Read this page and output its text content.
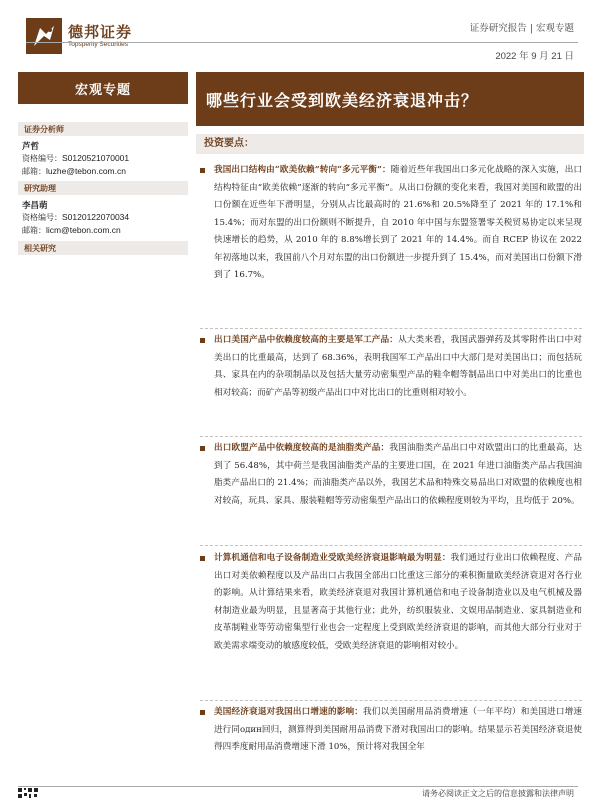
德邦证券
Topsperity Securities
证券研究报告 | 宏观专题
2022 年 9 月 21 日
宏观专题
证券分析师
芦哲
资格编号：S0120521070001
邮箱：luzhe@tebon.com.cn
研究助理
李昌萌
资格编号：S0120122070034
邮箱：licm@tebon.com.cn
相关研究
哪些行业会受到欧美经济衰退冲击？
投资要点：
我国出口结构由“欧美依赖”转向“多元平衡”：随着近些年我国出口多元化战略的深入实施，出口结构特征由“欧美依赖”逐渐的转向“多元平衡”。从出口份额的变化来看，我国对美国和欧盟的出口份额在近些年下滑明显，分别从占比最高时的 21.6%和 20.5%降至了 2021 年的 17.1%和 15.4%；而对东盟的出口份额则不断提升，自 2010 年中国与东盟签署零关税贸易协定以来呈现快速增长的趋势，从 2010 年的 8.8%增长到了 2021 年的 14.4%。而自 RCEP 协议在 2022 年初落地以来，我国前八个月对东盟的出口份额进一步提升到了 15.4%，而对美国出口份额下滑到了 16.7%。
出口美国产品中依赖度较高的主要是军工产品：从大类来看，我国武器弹药及其零附件出口中对美出口的比重最高，达到了 68.36%，表明我国军工产品出口中大部门是对美国出口；而包括玩具、家具在内的杂项制品以及包括大量劳动密集型产品的鞋伞帽等制品出口中对美出口的比重也相对较高；而矿产品等初级产品出口中对比出口的比重则相对较小。
出口欧盟产品中依赖度较高的是油脂类产品：我国油脂类产品出口中对欧盟出口的比重最高，达到了 56.48%，其中荷兰是我国油脂类产品的主要进口国，在 2021 年进口油脂类产品占我国油脂类产品出口的 21.4%；而油脂类产品以外，我国艺术品和特殊交易品出口对欧盟的依赖度也相对较高，玩具、家具、服装鞋帽等劳动密集型产品出口的依赖程度则较为平均，且均低于 20%。
计算机通信和电子设备制造业受欧美经济衰退影响最为明显：我们通过行业出口依赖程度、产品出口对美依赖程度以及产品出口占我国全部出口比重这三部分的乘积衡量欧美经济衰退对各行业的影响。从计算结果来看，欧美经济衰退对我国计算机通信和电子设备制造业以及电气机械及器材制造业最为明显，且显著高于其他行业；此外，纺织服装业、文娱用品制造业、家具制造业和皮革制鞋业等劳动密集型行业也会一定程度上受到欧美经济衰退的影响，而其他大部分行业对于欧美需求端变动的敏感度较低，受欧美经济衰退的影响相对较小。
美国经济衰退对我国出口增速的影响：我们以美国耐用品消费增速（一年平均）和美国进口增速进行同один回归，测算得到美国耐用品消费下滑对我国出口的影响。结果显示若美国经济衰退使得四季度耐用品消费增速下滑 10%，预计将对我国全年
请务必阅读正文之后的信息披露和法律声明
